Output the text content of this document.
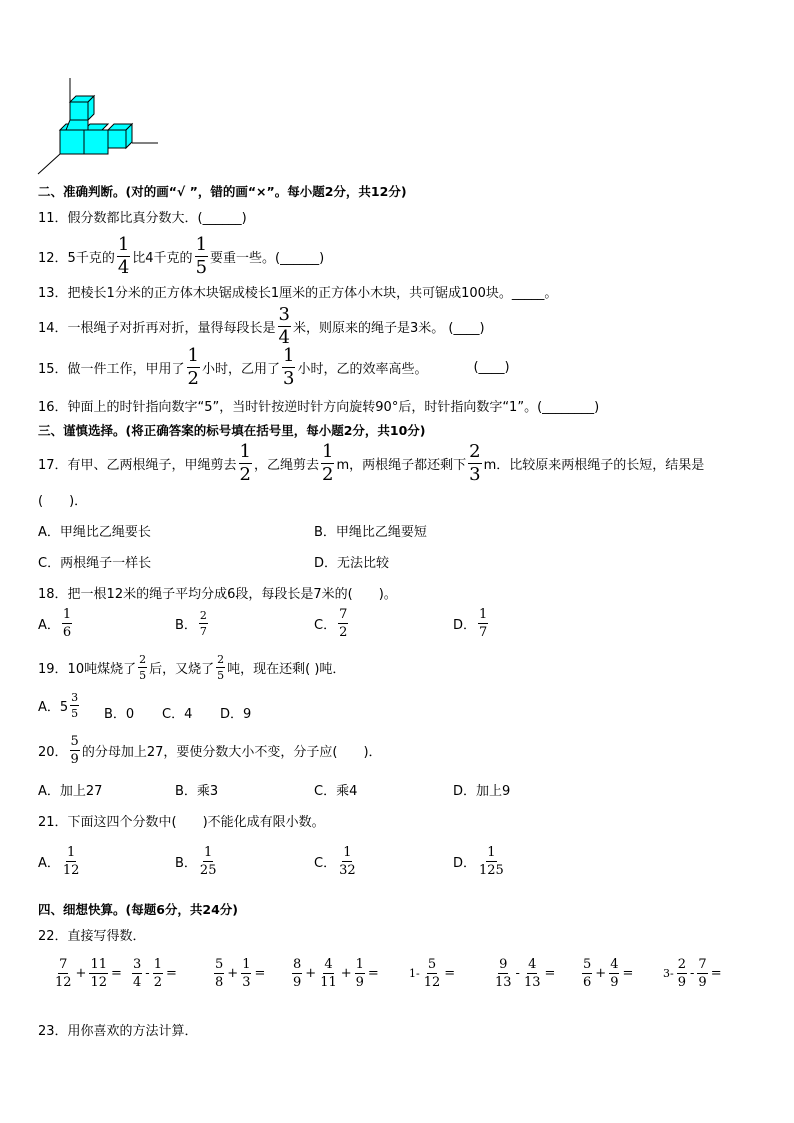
二、准确判断。(对的画“√ ”，错的画“×”。每小题2分，共12分)
11．假分数都比真分数大．(______)
12．5千克的
1
4 比4千克的
1
5 要重一些。(______)
13．把棱长1分米的正方体木块锯成棱长1厘米的正方体小木块，共可锯成100块。_____。
14．一根绳子对折再对折，量得每段长是
3
4 米，则原来的绳子是3米。 (____)
15．做一件工作，甲用了
1
2 小时，乙用了
1
3 小时，乙的效率高些。	(____)
16．钟面上的时针指向数字“5”，当时针按逆时针方向旋转90°后，时针指向数字“1”。(________)
三、谨慎选择。(将正确答案的标号填在括号里，每小题2分，共10分)
17．有甲、乙两根绳子，甲绳剪去
1
2 ，乙绳剪去
1
2 m，两根绳子都还剩下
2
3 m．比较原来两根绳子的长短，结果是
(　　)．
A．甲绳比乙绳要长	B．甲绳比乙绳要短
C．两根绳子一样长	D．无法比较
18．把一根12米的绳子平均分成6段，每段长是7米的(　　)。
A．
1
6	B．
2
7	C．
7
2	D．
1
7
19．10吨煤烧了
2
5 后，又烧了
2
5 吨，现在还剩( )吨．
A．5
3
5 B．0 C．4 D．9
20．
5
9 的分母加上27，要使分数大小不变，分子应(　　)．
A．加上27	B．乘3	C．乘4	D．加上9
21．下面这四个分数中(　　)不能化成有限小数。
A．
1
12	B．
1
25	C．
1
32	D．
1
125
四、细想快算。(每题6分，共24分)
22．直接写得数．
7
12
+ $\frac{11}{12}$ =
3
4
- $\frac{1}{2}$ =
5
8
+ $\frac{1}{3}$ =
8
9
+ $\frac{4}{11} + \frac{1}{9}$ =	$1- \frac{5}{12}$ =
9
13
- $\frac{4}{13}$ =
5
6
+ $\frac{4}{9}$ =	3-
2
9
- $\frac{7}{9}$ =
23．用你喜欢的方法计算．
